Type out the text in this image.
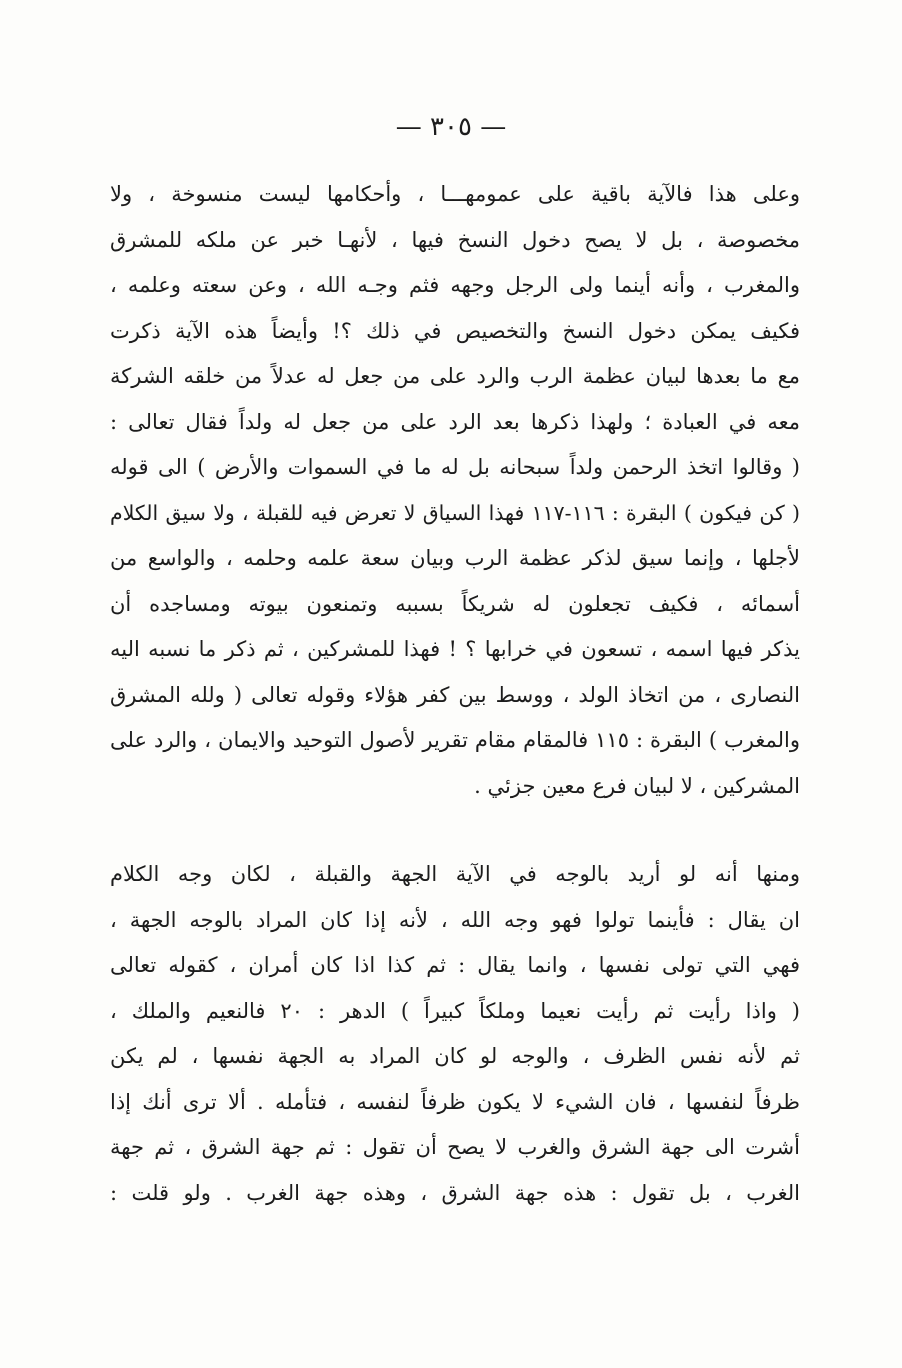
— ٣٠٥ —
وعلى هذا فالآية باقية على عمومهـــا ، وأحكامها ليست منسوخة ، ولا
مخصوصة ، بل لا يصح دخول النسخ فيها ، لأنهـا خبر عن ملكه للمشرق
والمغرب ، وأنه أينما ولى الرجل وجهه فثم وجـه الله ، وعن سعته وعلمه ،
فكيف يمكن دخول النسخ والتخصيص في ذلك ؟! وأيضاً هذه الآية ذكرت
مع ما بعدها لبيان عظمة الرب والرد على من جعل له عدلاً من خلقه الشركة
معه في العبادة ؛ ولهذا ذكرها بعد الرد على من جعل له ولداً فقال تعالى :
( وقالوا اتخذ الرحمن ولداً سبحانه بل له ما في السموات والأرض ) الى قوله
( كن فيكون ) البقرة : ١١٦-١١٧ فهذا السياق لا تعرض فيه للقبلة ، ولا سيق الكلام
لأجلها ، وإنما سيق لذكر عظمة الرب وبيان سعة علمه وحلمه ، والواسع من
أسمائه ، فكيف تجعلون له شريكاً بسببه وتمنعون بيوته ومساجده أن
يذكر فيها اسمه ، تسعون في خرابها ؟ ! فهذا للمشركين ، ثم ذكر ما نسبه اليه
النصارى ، من اتخاذ الولد ، ووسط بين كفر هؤلاء وقوله تعالى ( ولله المشرق
والمغرب ) البقرة : ١١٥ فالمقام مقام تقرير لأصول التوحيد والايمان ، والرد على
المشركين ، لا لبيان فرع معين جزئي .
ومنها أنه لو أريد بالوجه في الآية الجهة والقبلة ، لكان وجه الكلام
ان يقال : فأينما تولوا فهو وجه الله ، لأنه إذا كان المراد بالوجه الجهة ،
فهي التي تولى نفسها ، وانما يقال : ثم كذا اذا كان أمران ، كقوله تعالى
( واذا رأيت ثم رأيت نعيما وملكاً كبيراً ) الدهر : ٢٠ فالنعيم والملك ،
ثم لأنه نفس الظرف ، والوجه لو كان المراد به الجهة نفسها ، لم يكن
ظرفاً لنفسها ، فان الشيء لا يكون ظرفاً لنفسه ، فتأمله . ألا ترى أنك إذا
أشرت الى جهة الشرق والغرب لا يصح أن تقول : ثم جهة الشرق ، ثم جهة
الغرب ، بل تقول : هذه جهة الشرق ، وهذه جهة الغرب . ولو قلت :
